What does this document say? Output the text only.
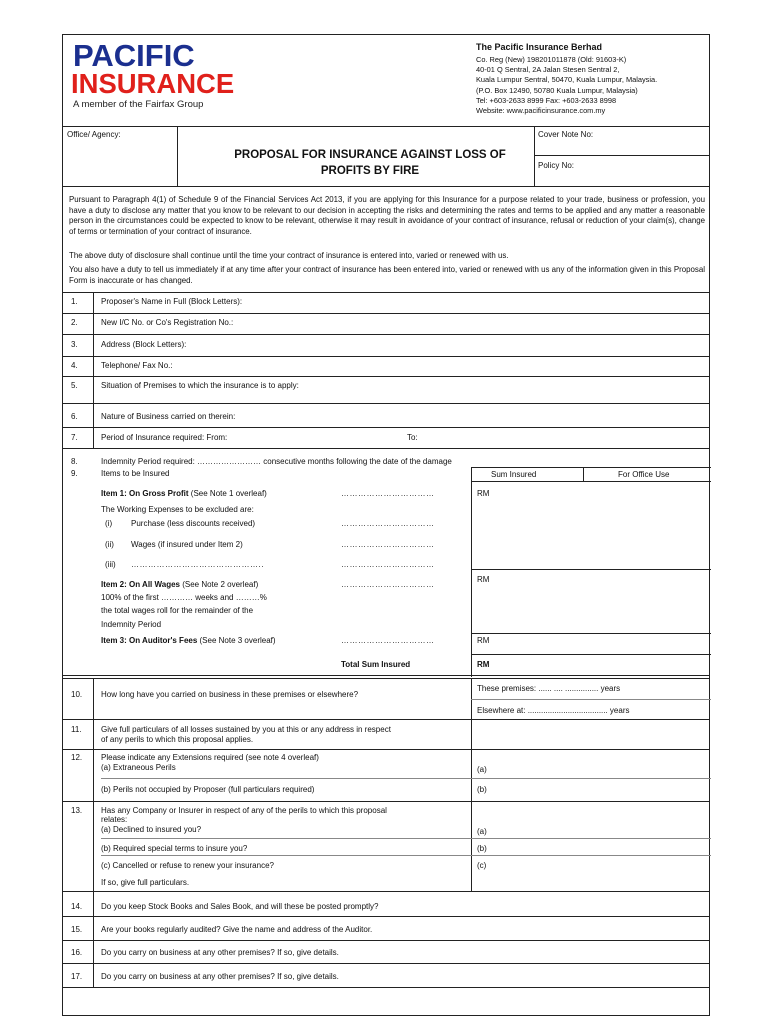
PACIFIC
INSURANCE
A member of the Fairfax Group
The Pacific Insurance Berhad
Co. Reg (New) 198201011878 (Old: 91603-K)
40-01 Q Sentral, 2A Jalan Stesen Sentral 2,
Kuala Lumpur Sentral, 50470, Kuala Lumpur, Malaysia.
(P.O. Box 12490, 50780 Kuala Lumpur, Malaysia)
Tel: +603-2633 8999 Fax: +603-2633 8998
Website: www.pacificinsurance.com.my
Office/ Agency:	Cover Note No:
Policy No:
PROPOSAL FOR INSURANCE AGAINST LOSS OF
PROFITS BY FIRE
Pursuant to Paragraph 4(1) of Schedule 9 of the Financial Services Act 2013, if you are applying for this Insurance for a purpose related to your trade, business or profession, you have a duty to disclose any matter that you know to be relevant to our decision in accepting the risks and determining the rates and terms to be applied and any matter a reasonable person in the circumstances could be expected to know to be relevant, otherwise it may result in avoidance of your contract of insurance, refusal or reduction of your claim(s), change of terms or termination of your contract of insurance.
The above duty of disclosure shall continue until the time your contract of insurance is entered into, varied or renewed with us.
You also have a duty to tell us immediately if at any time after your contract of insurance has been entered into, varied or renewed with us any of the information given in this Proposal Form is inaccurate or has changed.
1.	Proposer's Name in Full (Block Letters):
2.	New I/C No. or Co's Registration No.:
3.	Address (Block Letters):
4.	Telephone/ Fax No.:
5.	Situation of Premises to which the insurance is to apply:
6.	Nature of Business carried on therein:
7.	Period of Insurance required: From:	To:
8.	Indemnity Period required: …………………… consecutive months following the date of the damage
9.	Items to be Insured	Sum Insured	For Office Use
Item 1: On Gross Profit (See Note 1 overleaf)	……………………………	RM
The Working Expenses to be excluded are:
(i) Purchase (less discounts received)	……………………………
(ii) Wages (if insured under Item 2)	……………………………
(iii) ………………………………………..	……………………………
Item 2: On All Wages (See Note 2 overleaf)	……………………………
RM
100% of the first ………… weeks and ………%
the total wages roll for the remainder of the
Indemnity Period
Item 3: On Auditor's Fees (See Note 3 overleaf)	……………………………	RM
Total Sum Insured	RM
10. How long have you carried on business in these premises or elsewhere?
These premises: ...... .... ............... years
Elsewhere at: .................................... years
11. Give full particulars of all losses sustained by you at this or any address in respect
of any perils to which this proposal applies.
12. Please indicate any Extensions required (see note 4 overleaf)
(a) Extraneous Perils	(a)
(b) Perils not occupied by Proposer (full particulars required)	(b)
13. Has any Company or Insurer in respect of any of the perils to which this proposal
relates:
(a) Declined to insured you?	(a)
(b) Required special terms to insure you?	(b)
(c) Cancelled or refuse to renew your insurance?	(c)
If so, give full particulars.
14. Do you keep Stock Books and Sales Book, and will these be posted promptly?
15. Are your books regularly audited? Give the name and address of the Auditor.
16. Do you carry on business at any other premises? If so, give details.
17. Do you carry on business at any other premises? If so, give details.
